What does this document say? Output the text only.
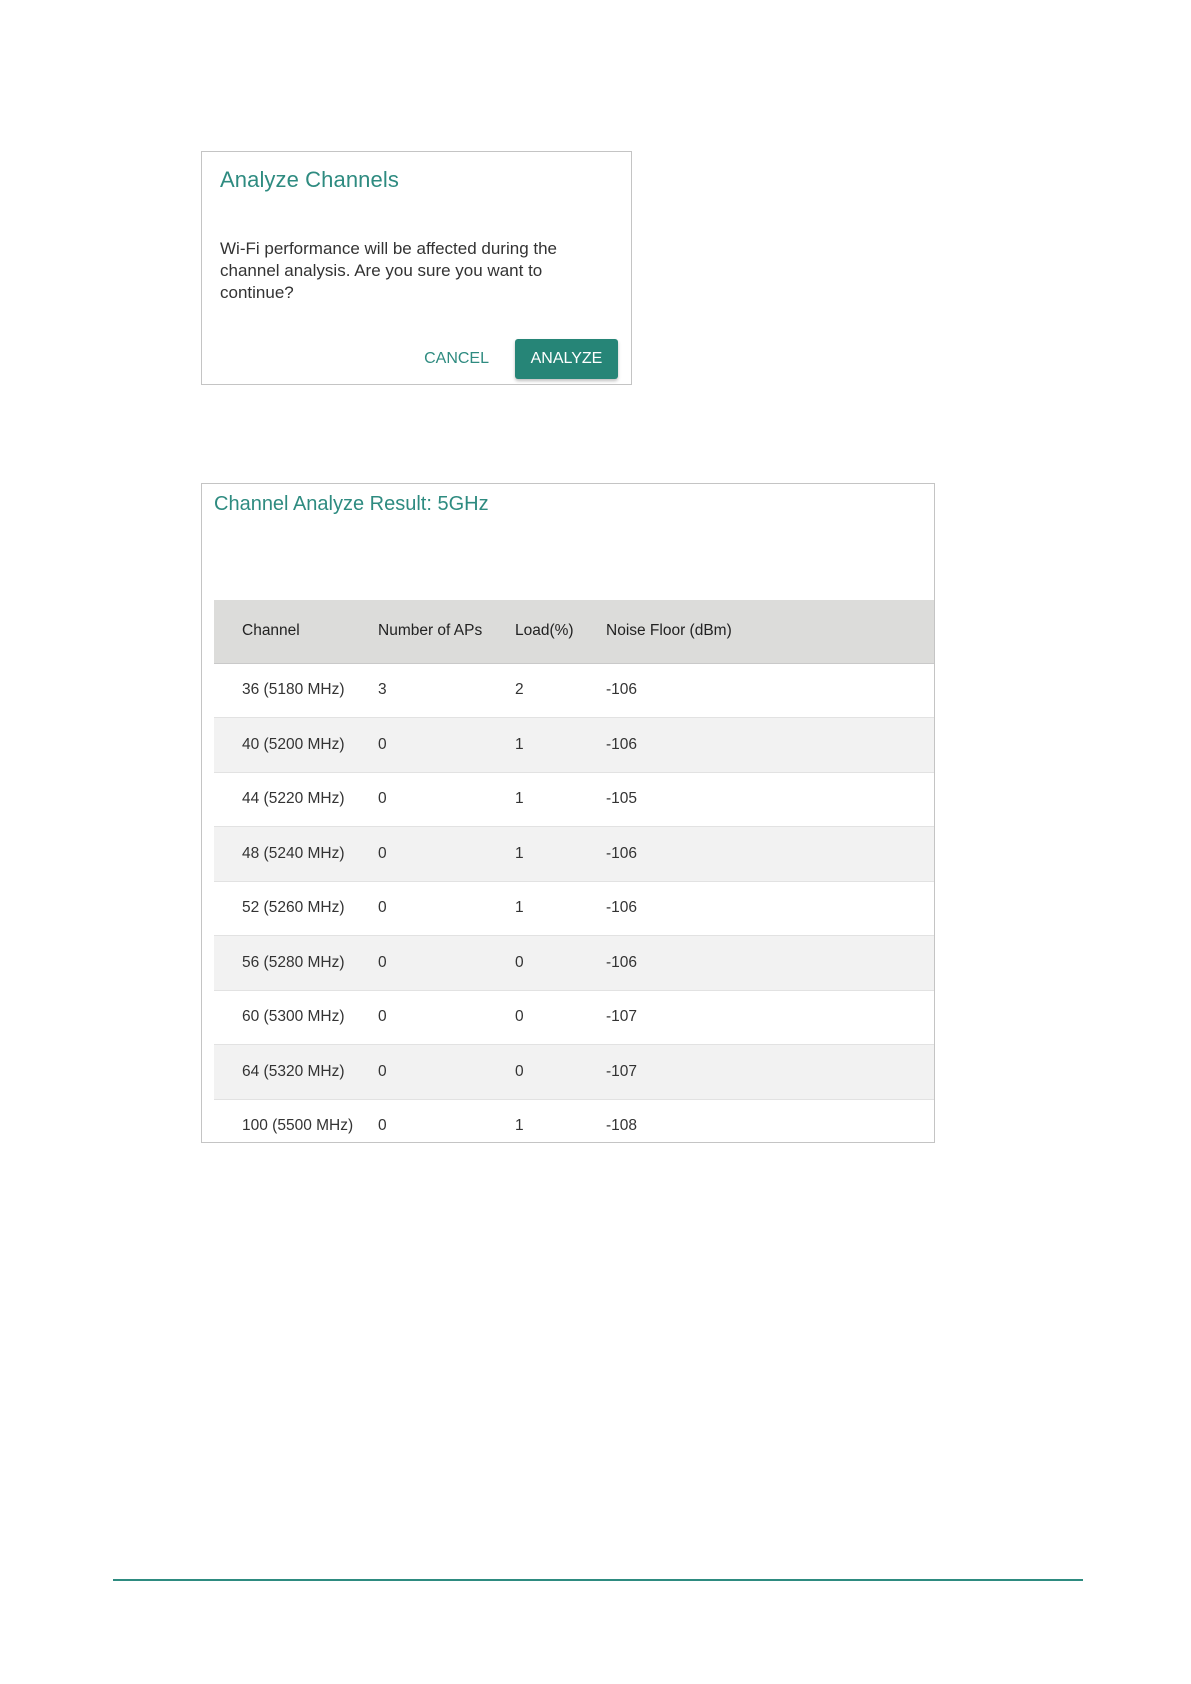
Analyze Channels
Wi-Fi performance will be affected during the channel analysis. Are you sure you want to continue?
CANCEL	ANALYZE
Channel Analyze Result: 5GHz
Channel	Number of APs	Load(%)	Noise Floor (dBm)
36 (5180 MHz)	3	2	-106
40 (5200 MHz)	0	1	-106
44 (5220 MHz)	0	1	-105
48 (5240 MHz)	0	1	-106
52 (5260 MHz)	0	1	-106
56 (5280 MHz)	0	0	-106
60 (5300 MHz)	0	0	-107
64 (5320 MHz)	0	0	-107
100 (5500 MHz)	0	1	-108
